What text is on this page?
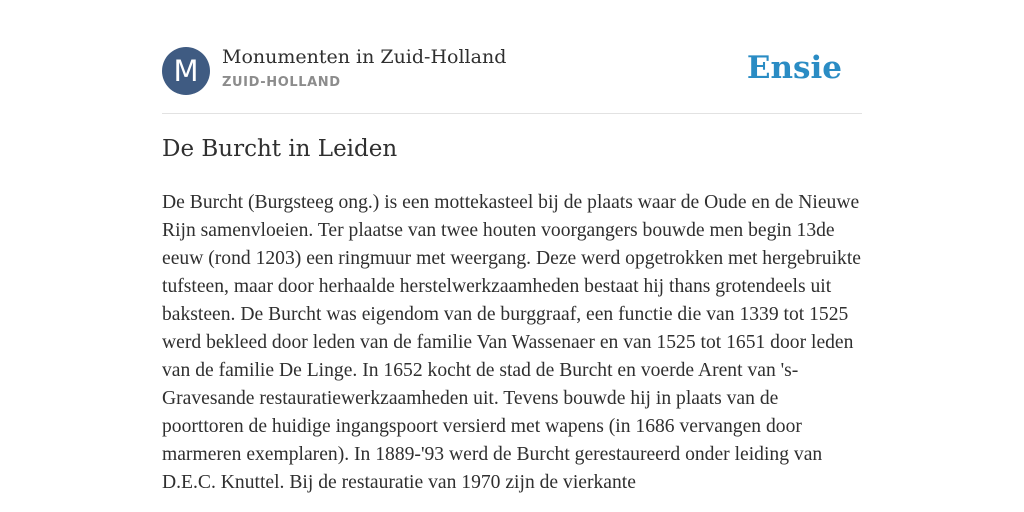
M	Monumenten in Zuid-Holland
ZUID-HOLLAND	Ensie
De Burcht in Leiden

De Burcht (Burgsteeg ong.) is een mottekasteel bij de plaats waar de Oude en de Nieuwe Rijn samenvloeien. Ter plaatse van twee houten voorgangers bouwde men begin 13de eeuw (rond 1203) een ringmuur met weergang. Deze werd opgetrokken met hergebruikte tufsteen, maar door herhaalde herstelwerkzaamheden bestaat hij thans grotendeels uit baksteen. De Burcht was eigendom van de burggraaf, een functie die van 1339 tot 1525 werd bekleed door leden van de familie Van Wassenaer en van 1525 tot 1651 door leden van de familie De Linge. In 1652 kocht de stad de Burcht en voerde Arent van 's-Gravesande restauratiewerkzaamheden uit. Tevens bouwde hij in plaats van de poorttoren de huidige ingangspoort versierd met wapens (in 1686 vervangen door marmeren exemplaren). In 1889-'93 werd de Burcht gerestaureerd onder leiding van D.E.C. Knuttel. Bij de restauratie van 1970 zijn de vierkante
